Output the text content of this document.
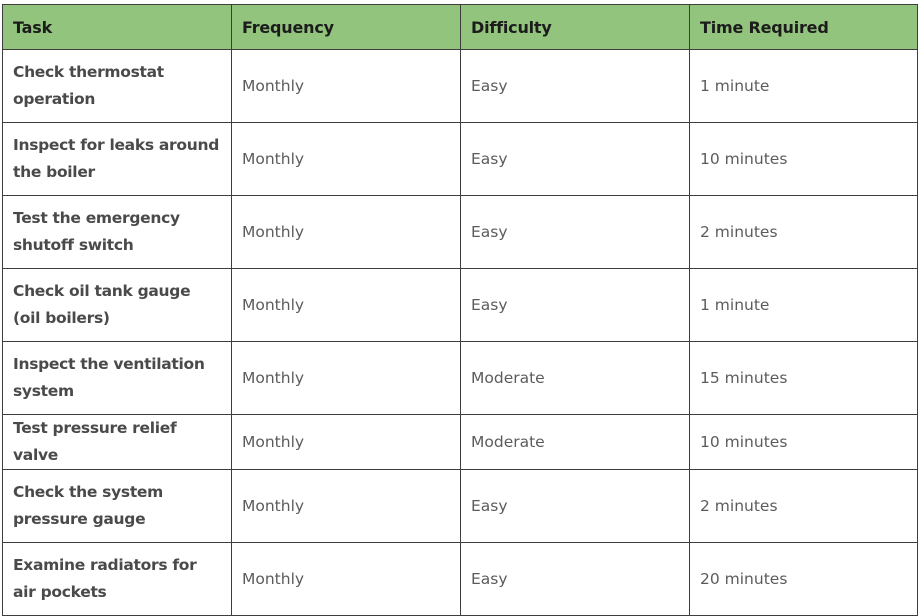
Task	Frequency	Difficulty	Time Required
Check thermostat operation	Monthly	Easy	1 minute
Inspect for leaks around the boiler	Monthly	Easy	10 minutes
Test the emergency shutoff switch	Monthly	Easy	2 minutes
Check oil tank gauge (oil boilers)	Monthly	Easy	1 minute
Inspect the ventilation system	Monthly	Moderate	15 minutes
Test pressure relief valve	Monthly	Moderate	10 minutes
Check the system pressure gauge	Monthly	Easy	2 minutes
Examine radiators for air pockets	Monthly	Easy	20 minutes
